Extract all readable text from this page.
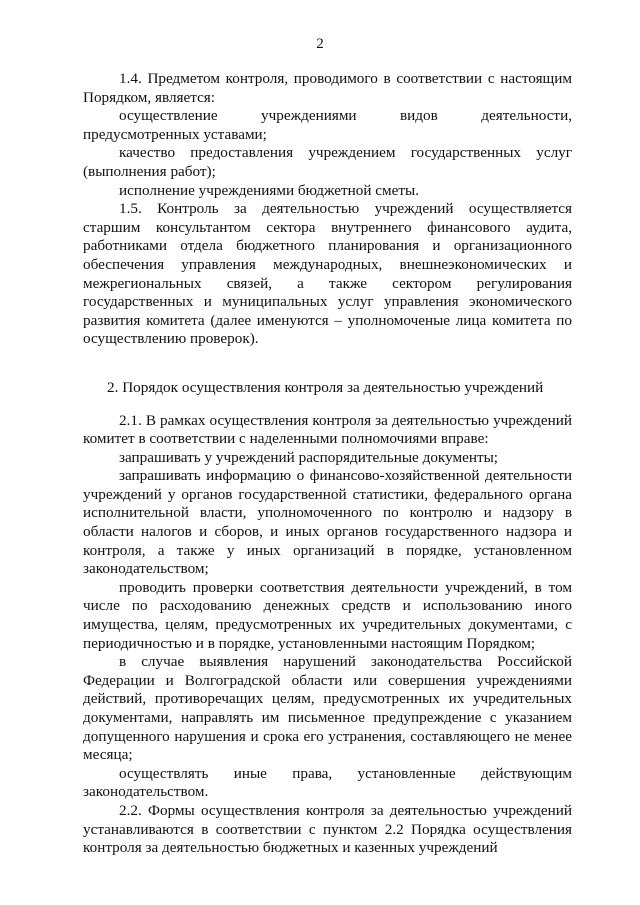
2

1.4. Предметом контроля, проводимого в соответствии с настоящим Порядком, является:

осуществление учреждениями видов деятельности, предусмотренных уставами;

качество предоставления учреждением государственных услуг (выполнения работ);

исполнение учреждениями бюджетной сметы.

1.5. Контроль за деятельностью учреждений осуществляется старшим консультантом сектора внутреннего финансового аудита, работниками отдела бюджетного планирования и организационного обеспечения управления международных, внешнеэкономических и межрегиональных связей, а также сектором регулирования государственных и муниципальных услуг управления экономического развития комитета (далее именуются – уполномоченые лица комитета по осуществлению проверок).

2. Порядок осуществления контроля за деятельностью учреждений

2.1. В рамках осуществления контроля за деятельностью учреждений комитет в соответствии с наделенными полномочиями вправе:

запрашивать у учреждений распорядительные документы;

запрашивать информацию о финансово-хозяйственной деятельности учреждений у органов государственной статистики, федерального органа исполнительной власти, уполномоченного по контролю и надзору в области налогов и сборов, и иных органов государственного надзора и контроля, а также у иных организаций в порядке, установленном законодательством;

проводить проверки соответствия деятельности учреждений, в том числе по расходованию денежных средств и использованию иного имущества, целям, предусмотренных их учредительных документами, с периодичностью и в порядке, установленными настоящим Порядком;

в случае выявления нарушений законодательства Российской Федерации и Волгоградской области или совершения учреждениями действий, противоречащих целям, предусмотренных их учредительных документами, направлять им письменное предупреждение с указанием допущенного нарушения и срока его устранения, составляющего не менее месяца;

осуществлять иные права, установленные действующим законодательством.

2.2. Формы осуществления контроля за деятельностью учреждений устанавливаются в соответствии с пунктом 2.2 Порядка осуществления контроля за деятельностью бюджетных и казенных учреждений
